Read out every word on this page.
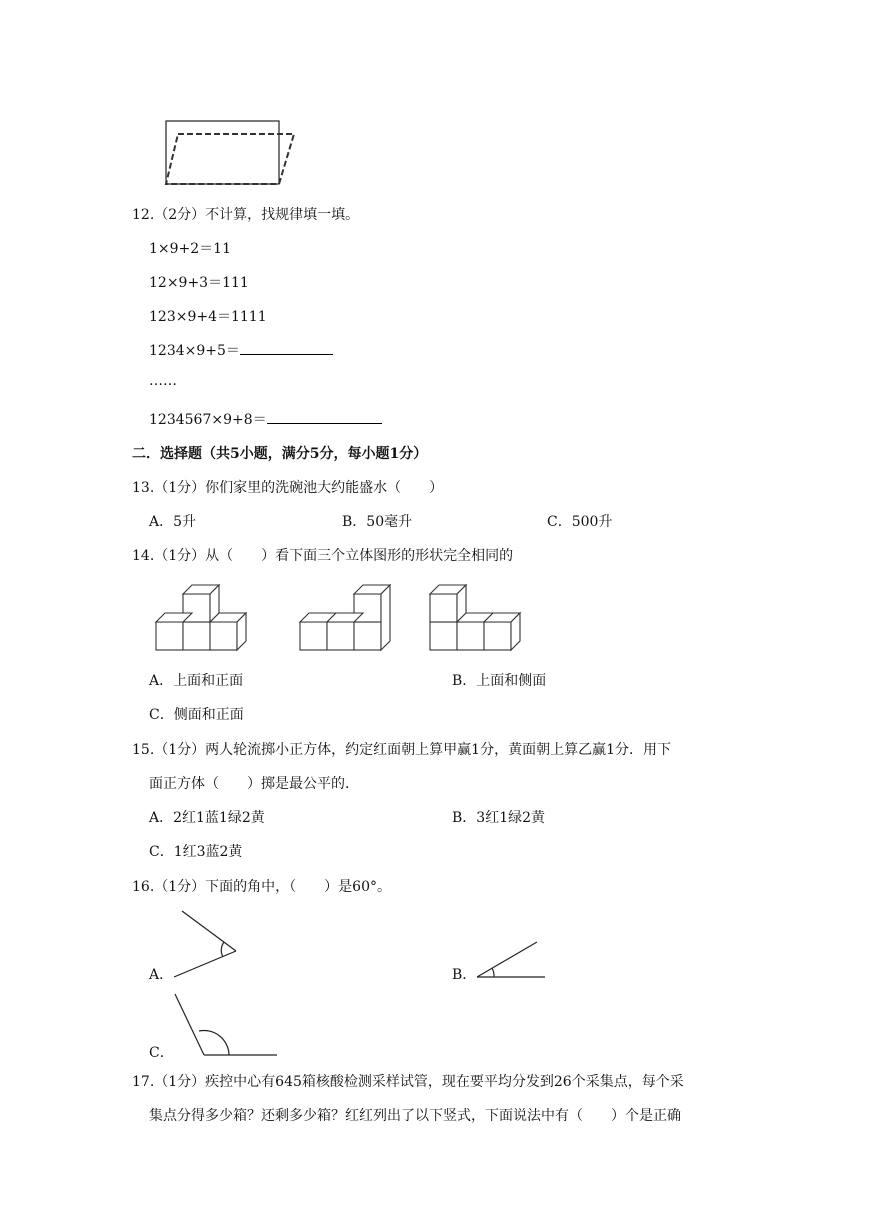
12.（2分）不计算，找规律填一填。
1×9+2＝11
12×9+3＝111
123×9+4＝1111
1234×9+5＝
……
1234567×9+8＝
二．选择题（共5小题，满分5分，每小题1分）
13.（1分）你们家里的洗碗池大约能盛水（　　）
A．5升	B．50毫升	C．500升
14.（1分）从（　　）看下面三个立体图形的形状完全相同的
A．上面和正面	B．上面和侧面
C．侧面和正面
15.（1分）两人轮流掷小正方体，约定红面朝上算甲赢1分，黄面朝上算乙赢1分．用下
面正方体（　　）掷是最公平的．
A．2红1蓝1绿2黄	B．3红1绿2黄
C．1红3蓝2黄
16.（1分）下面的角中，（　　）是60°。
A．	B．
C．
17.（1分）疾控中心有645箱核酸检测采样试管，现在要平均分发到26个采集点，每个采
集点分得多少箱？还剩多少箱？红红列出了以下竖式，下面说法中有（　　）个是正确
